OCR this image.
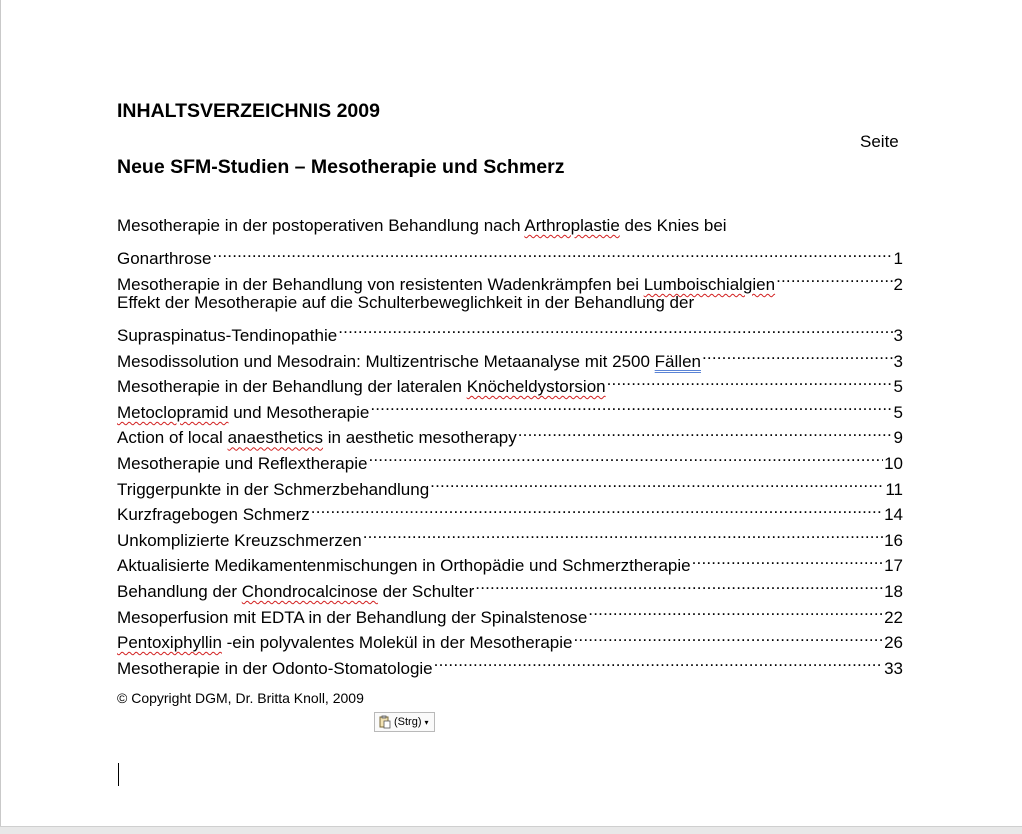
INHALTSVERZEICHNIS 2009
Seite
Neue SFM-Studien – Mesotherapie und Schmerz
Mesotherapie in der postoperativen Behandlung nach Arthroplastie des Knies bei
Gonarthrose .....	1
Mesotherapie in der Behandlung von resistenten Wadenkrämpfen bei Lumboischialgien .....	2
Effekt der Mesotherapie auf die Schulterbeweglichkeit in der Behandlung der
Supraspinatus-Tendinopathie .....	3
Mesodissolution und Mesodrain: Multizentrische Metaanalyse mit 2500 Fällen .....	3
Mesotherapie in der Behandlung der lateralen Knöcheldystorsion .....	5
Metoclopramid und Mesotherapie .....	5
Action of local anaesthetics in aesthetic mesotherapy .....	9
Mesotherapie und Reflextherapie .....	10
Triggerpunkte in der Schmerzbehandlung .....	11
Kurzfragebogen Schmerz .....	14
Unkomplizierte Kreuzschmerzen .....	16
Aktualisierte Medikamentenmischungen in Orthopädie und Schmerztherapie .....	17
Behandlung der Chondrocalcinose der Schulter .....	18
Mesoperfusion mit EDTA in der Behandlung der Spinalstenose .....	22
Pentoxiphyllin -ein polyvalentes Molekül in der Mesotherapie .....	26
Mesotherapie in der Odonto-Stomatologie .....	33
© Copyright DGM, Dr. Britta Knoll, 2009
(Strg) ▾
